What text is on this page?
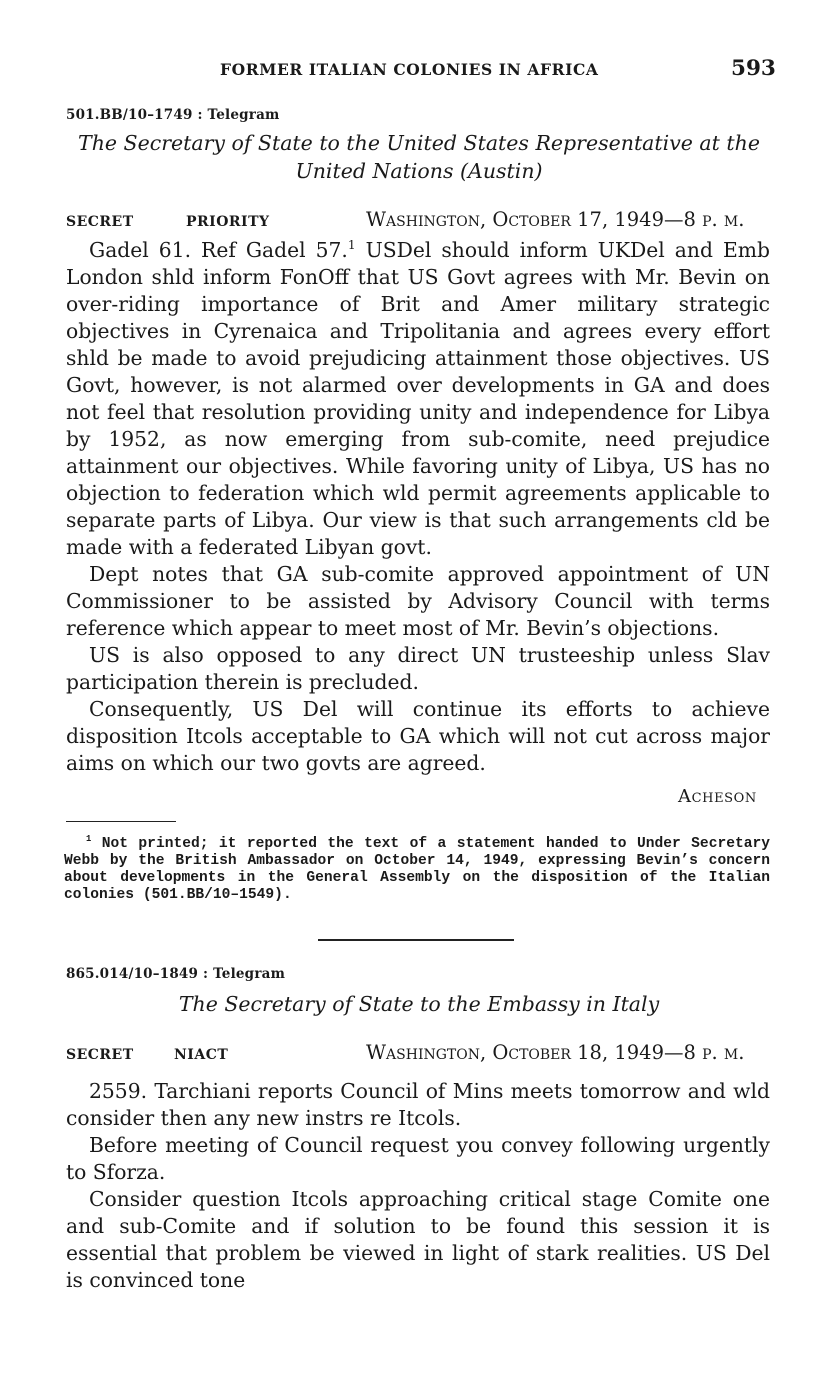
FORMER ITALIAN COLONIES IN AFRICA	593
501.BB/10–1749 : Telegram
The Secretary of State to the United States Representative at the
United Nations (Austin)
SECRET	PRIORITY	Washington, October 17, 1949—8 p. m.

Gadel 61. Ref Gadel 57.$^1$ USDel should inform UKDel and Emb London shld inform FonOff that US Govt agrees with Mr. Bevin on over-riding importance of Brit and Amer military strategic objectives in Cyrenaica and Tripolitania and agrees every effort shld be made to avoid prejudicing attainment those objectives. US Govt, however, is not alarmed over developments in GA and does not feel that resolution providing unity and independence for Libya by 1952, as now emerging from sub-comite, need prejudice attainment our objectives. While favoring unity of Libya, US has no objection to federation which wld permit agreements applicable to separate parts of Libya. Our view is that such arrangements cld be made with a federated Libyan govt.

Dept notes that GA sub-comite approved appointment of UN Commissioner to be assisted by Advisory Council with terms reference which appear to meet most of Mr. Bevin’s objections.

US is also opposed to any direct UN trusteeship unless Slav participation therein is precluded.

Consequently, US Del will continue its efforts to achieve disposition Itcols acceptable to GA which will not cut across major aims on which our two govts are agreed.

Acheson

$^1$ Not printed; it reported the text of a statement handed to Under Secretary Webb by the British Ambassador on October 14, 1949, expressing Bevin’s concern about developments in the General Assembly on the disposition of the Italian colonies (501.BB/10–1549).

865.014/10–1849 : Telegram
The Secretary of State to the Embassy in Italy
SECRET	NIACT	Washington, October 18, 1949—8 p. m.

2559. Tarchiani reports Council of Mins meets tomorrow and wld consider then any new instrs re Itcols.

Before meeting of Council request you convey following urgently to Sforza.

Consider question Itcols approaching critical stage Comite one and sub-Comite and if solution to be found this session it is essential that problem be viewed in light of stark realities. US Del is convinced tone
